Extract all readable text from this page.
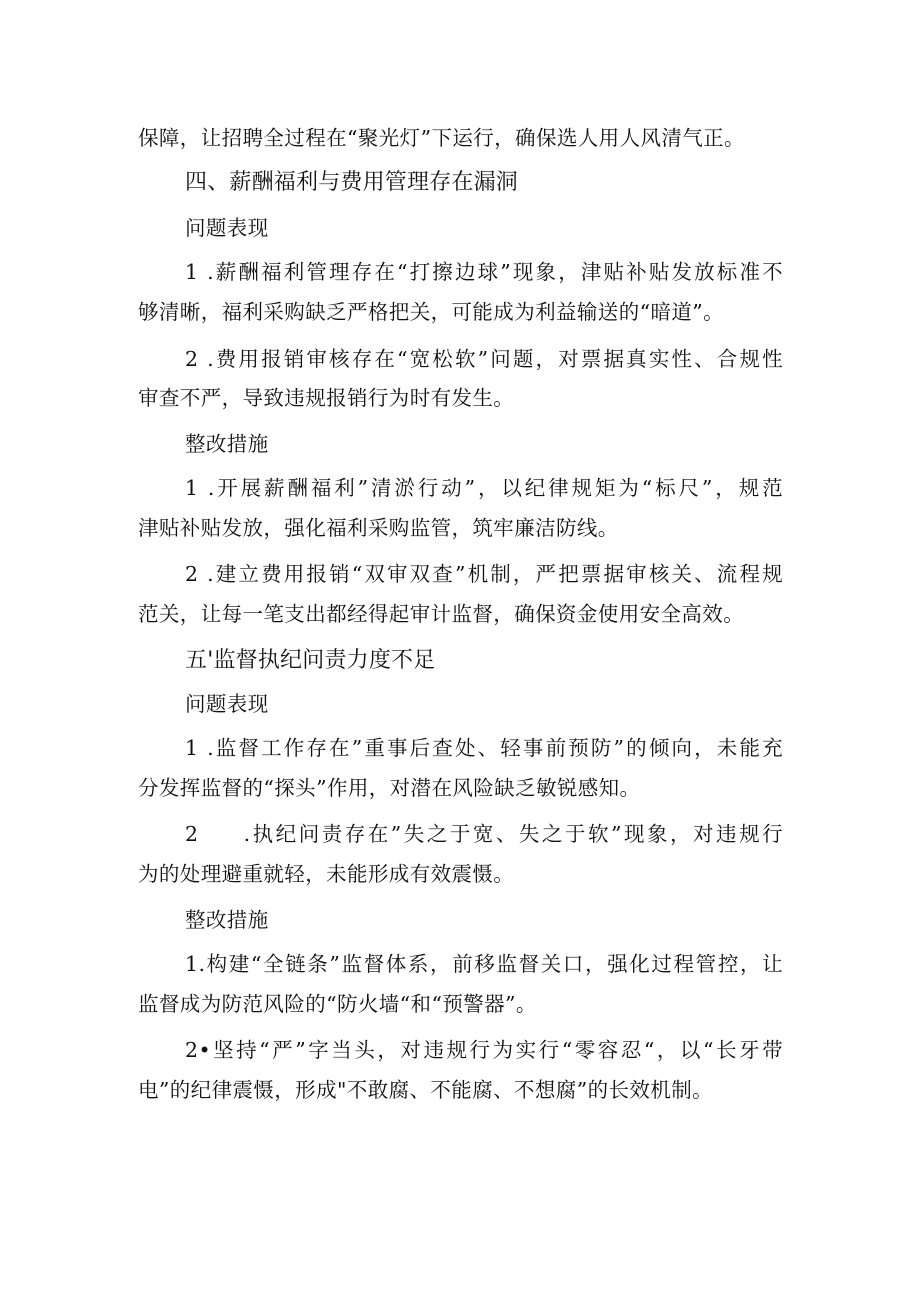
保障，让招聘全过程在“聚光灯”下运行，确保选人用人风清气正。
四、薪酬福利与费用管理存在漏洞
问题表现
1 .薪酬福利管理存在“打擦边球”现象，津贴补贴发放标准不
够清晰，福利采购缺乏严格把关，可能成为利益输送的“暗道”。
2 .费用报销审核存在“宽松软”问题，对票据真实性、合规性
审查不严，导致违规报销行为时有发生。
整改措施
1 .开展薪酬福利”清淤行动”，以纪律规矩为“标尺”，规范
津贴补贴发放，强化福利采购监管，筑牢廉洁防线。
2 .建立费用报销“双审双查”机制，严把票据审核关、流程规
范关，让每一笔支出都经得起审计监督，确保资金使用安全高效。
五'监督执纪问责力度不足
问题表现
1 .监督工作存在”重事后查处、轻事前预防”的倾向，未能充
分发挥监督的“探头”作用，对潜在风险缺乏敏锐感知。
2     .执纪问责存在”失之于宽、失之于软”现象，对违规行
为的处理避重就轻，未能形成有效震慑。
整改措施
1.构建“全链条”监督体系，前移监督关口，强化过程管控，让
监督成为防范风险的“防火墙“和“预警器”。
2•坚持“严”字当头，对违规行为实行“零容忍“，以“长牙带
电”的纪律震慑，形成"不敢腐、不能腐、不想腐”的长效机制。
